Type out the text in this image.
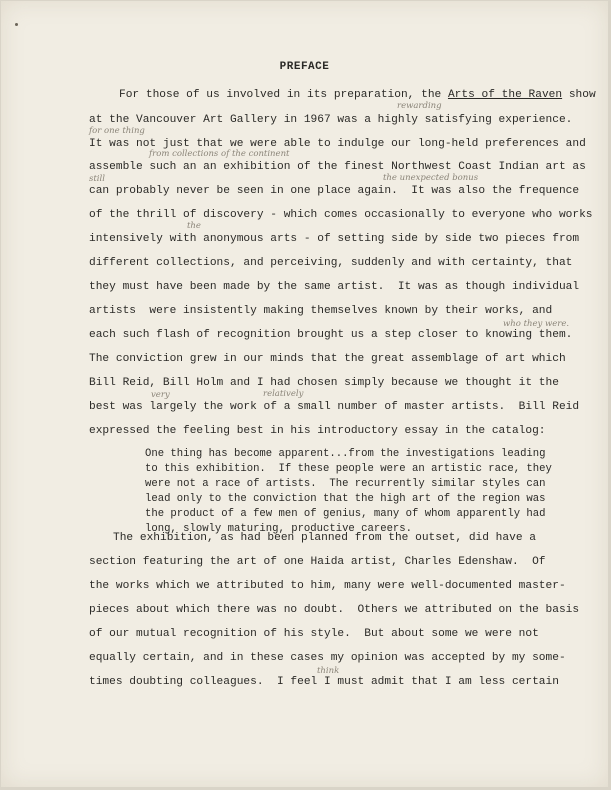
PREFACE
For those of us involved in its preparation, the Arts of the Raven show
rewarding
at the Vancouver Art Gallery in 1967 was a highly satisfying experience.
for one thing
It was not just that we were able to indulge our long-held preferences and
from collections of the continent
assemble such an an exhibition of the finest Northwest Coast Indian art as
still	the unexpected bonus
can probably never be seen in one place again.  It was also the frequence
of the thrill of discovery - which comes occasionally to everyone who works
the
intensively with anonymous arts - of setting side by side two pieces from
different collections, and perceiving, suddenly and with certainty, that
they must have been made by the same artist.  It was as though individual
artists  were insistently making themselves known by their works, and
who they were.
each such flash of recognition brought us a step closer to knowing them.
The conviction grew in our minds that the great assemblage of art which
Bill Reid, Bill Holm and I had chosen simply because we thought it the
very	relatively
best was largely the work of a small number of master artists.  Bill Reid
expressed the feeling best in his introductory essay in the catalog:
One thing has become apparent...from the investigations leading
to this exhibition.  If these people were an artistic race, they
were not a race of artists.  The recurrently similar styles can
lead only to the conviction that the high art of the region was
the product of a few men of genius, many of whom apparently had
long, slowly maturing, productive careers.
The exhibition, as had been planned from the outset, did have a
section featuring the art of one Haida artist, Charles Edenshaw.  Of
the works which we attributed to him, many were well-documented master-
pieces about which there was no doubt.  Others we attributed on the basis
of our mutual recognition of his style.  But about some we were not
equally certain, and in these cases my opinion was accepted by my some-
think
times doubting colleagues.  I feel I must admit that I am less certain
